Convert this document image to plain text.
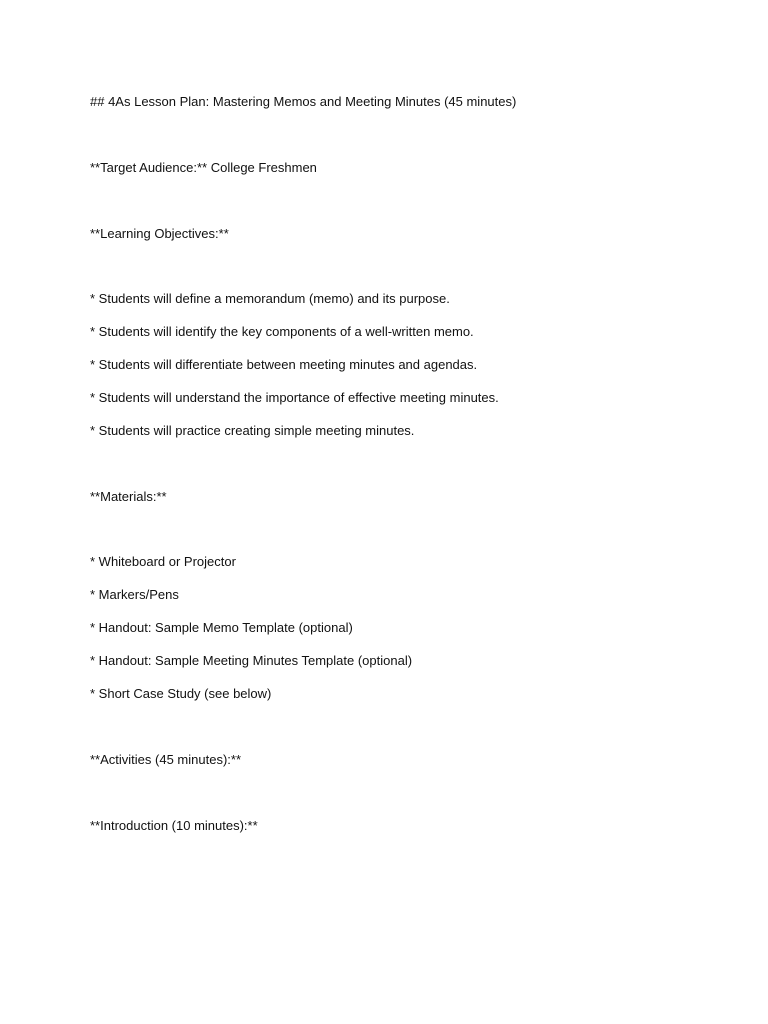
## 4As Lesson Plan: Mastering Memos and Meeting Minutes (45 minutes)
**Target Audience:** College Freshmen
**Learning Objectives:**
* Students will define a memorandum (memo) and its purpose.
* Students will identify the key components of a well-written memo.
* Students will differentiate between meeting minutes and agendas.
* Students will understand the importance of effective meeting minutes.
* Students will practice creating simple meeting minutes.
**Materials:**
* Whiteboard or Projector
* Markers/Pens
* Handout: Sample Memo Template (optional)
* Handout: Sample Meeting Minutes Template (optional)
* Short Case Study (see below)
**Activities (45 minutes):**
**Introduction (10 minutes):**
